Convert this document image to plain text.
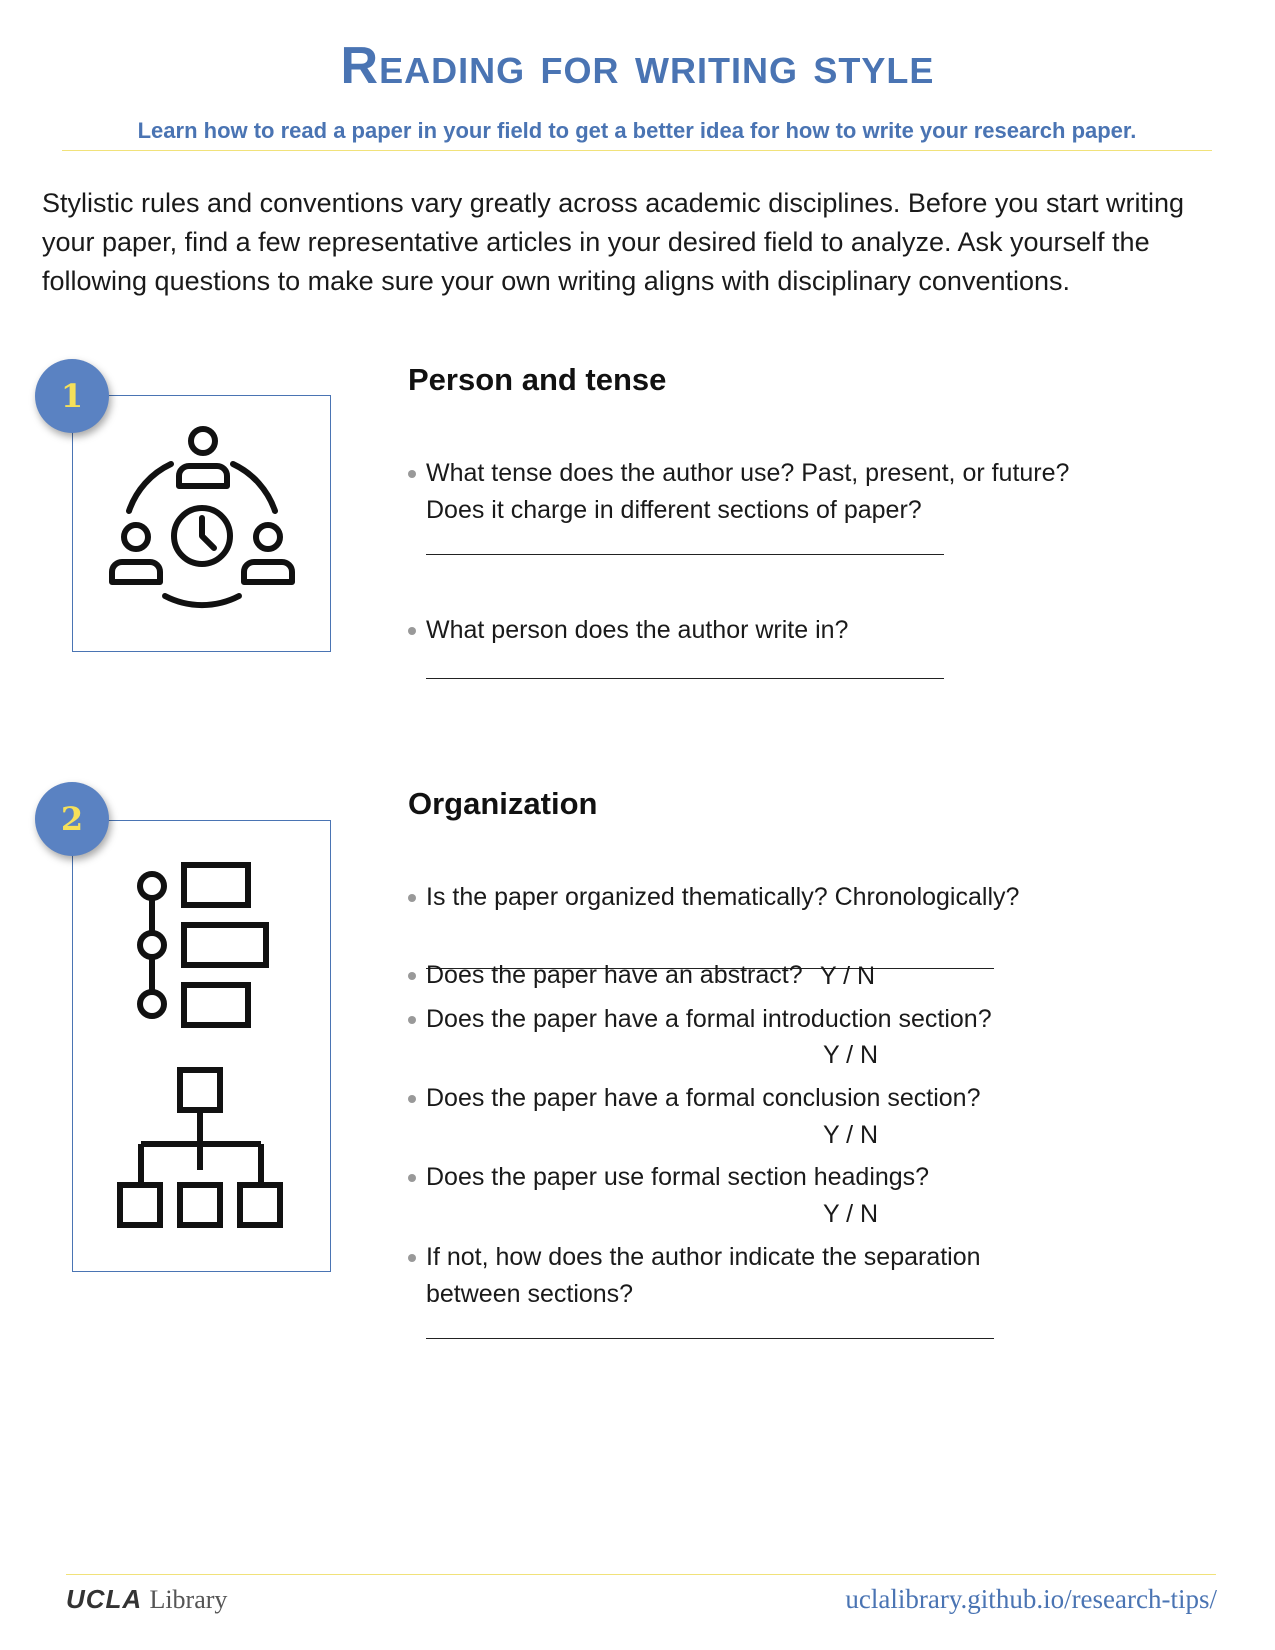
Reading for writing style

Learn how to read a paper in your field to get a better idea for how to write your research paper.

Stylistic rules and conventions vary greatly across academic disciplines. Before you start writing your paper, find a few representative articles in your desired field to analyze. Ask yourself the following questions to make sure your own writing aligns with disciplinary conventions.

1	Person and tense

What tense does the author use? Past, present, or future? Does it charge in different sections of paper?

What person does the author write in?

2	Organization

Is the paper organized thematically? Chronologically?

Does the paper have an abstract? Y / N

Does the paper have a formal introduction section?

Y / N

Does the paper have a formal conclusion section?

Y / N

Does the paper use formal section headings?

Y / N

If not, how does the author indicate the separation between sections?

UCLA Library	uclalibrary.github.io/research-tips/
